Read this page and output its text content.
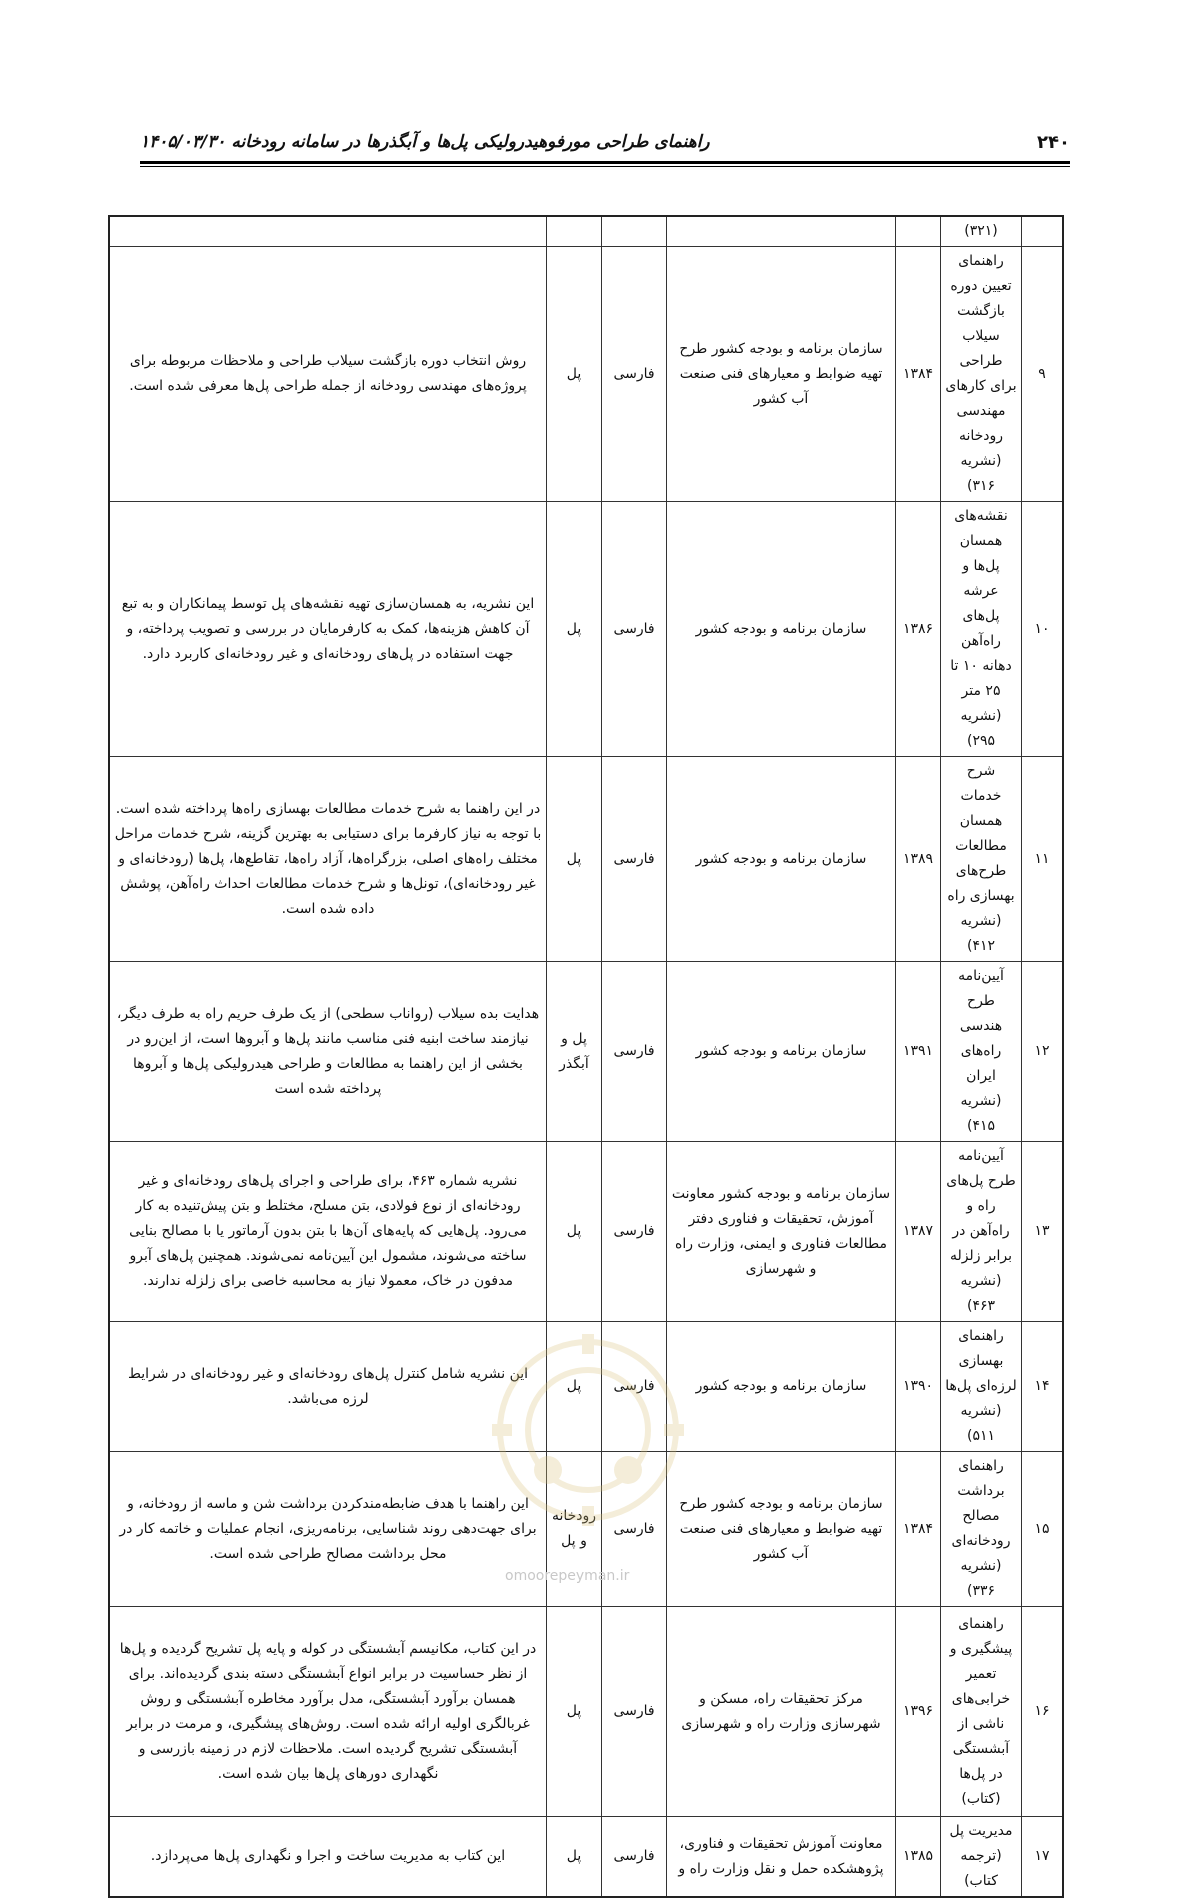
راهنمای طراحی مورفوهیدرولیکی پل‌ها و آبگذرها در سامانه رودخانه ۱۴۰۵/۰۳/۳۰	۲۴۰
	(۳۲۱)					
۹	راهنمای تعیین دوره بازگشت سیلاب طراحی برای کارهای مهندسی رودخانه (نشریه ۳۱۶)	۱۳۸۴	سازمان برنامه و بودجه کشور طرح تهیه ضوابط و معیارهای فنی صنعت آب کشور	فارسی	پل	روش انتخاب دوره بازگشت سیلاب طراحی و ملاحظات مربوطه برای پروژه‌های مهندسی رودخانه از جمله طراحی پل‌ها معرفی شده است.
۱۰	نقشه‌های همسان پل‌ها و عرشه پل‌های راه‌آهن دهانه ۱۰ تا ۲۵ متر (نشریه ۲۹۵)	۱۳۸۶	سازمان برنامه و بودجه کشور	فارسی	پل	این نشریه، به همسان‌سازی تهیه نقشه‌های پل توسط پیمانکاران و به تبع آن کاهش هزینه‌ها، کمک به کارفرمایان در بررسی و تصویب پرداخته، و جهت استفاده در پل‌های رودخانه‌ای و غیر رودخانه‌ای کاربرد دارد.
۱۱	شرح خدمات همسان مطالعات طرح‌های بهسازی راه (نشریه ۴۱۲)	۱۳۸۹	سازمان برنامه و بودجه کشور	فارسی	پل	در این راهنما به شرح خدمات مطالعات بهسازی راه‌ها پرداخته شده است. با توجه به نیاز کارفرما برای دستیابی به بهترین گزینه، شرح خدمات مراحل مختلف راه‌های اصلی، بزرگراه‌ها، آزاد راه‌ها، تقاطع‌ها، پل‌ها (رودخانه‌ای و غیر رودخانه‌ای)، تونل‌ها و شرح خدمات مطالعات احداث راه‌آهن، پوشش داده شده است.
۱۲	آیین‌نامه طرح هندسی راه‌های ایران (نشریه ۴۱۵)	۱۳۹۱	سازمان برنامه و بودجه کشور	فارسی	پل و آبگذر	هدایت بده سیلاب (رواناب سطحی) از یک طرف حریم راه به طرف دیگر، نیازمند ساخت ابنیه فنی مناسب مانند پل‌ها و آبروها است، از این‌رو در بخشی از این راهنما به مطالعات و طراحی هیدرولیکی پل‌ها و آبروها پرداخته شده است
۱۳	آیین‌نامه طرح پل‌های راه و راه‌آهن در برابر زلزله (نشریه ۴۶۳)	۱۳۸۷	سازمان برنامه و بودجه کشور معاونت آموزش، تحقیقات و فناوری دفتر مطالعات فناوری و ایمنی، وزارت راه و شهرسازی	فارسی	پل	نشریه شماره ۴۶۳، برای طراحی و اجرای پل‌های رودخانه‌ای و غیر رودخانه‌ای از نوع فولادی، بتن مسلح، مختلط و بتن پیش‌تنیده به کار می‌رود. پل‌هایی که پایه‌های آن‌ها با بتن بدون آرماتور یا با مصالح بنایی ساخته می‌شوند، مشمول این آیین‌نامه نمی‌شوند. همچنین پل‌های آبرو مدفون در خاک، معمولا نیاز به محاسبه خاصی برای زلزله ندارند.
۱۴	راهنمای بهسازی لرزه‌ای پل‌ها (نشریه ۵۱۱)	۱۳۹۰	سازمان برنامه و بودجه کشور	فارسی	پل	این نشریه شامل کنترل پل‌های رودخانه‌ای و غیر رودخانه‌ای در شرایط لرزه می‌باشد.
۱۵	راهنمای برداشت مصالح رودخانه‌ای (نشریه ۳۳۶)	۱۳۸۴	سازمان برنامه و بودجه کشور طرح تهیه ضوابط و معیارهای فنی صنعت آب کشور	فارسی	رودخانه و پل	این راهنما با هدف ضابطه‌مندکردن برداشت شن و ماسه از رودخانه، و برای جهت‌دهی روند شناسایی، برنامه‌ریزی، انجام عملیات و خاتمه کار در محل برداشت مصالح طراحی شده است.
۱۶	راهنمای پیشگیری و تعمیر خرابی‌های ناشی از آبشستگی در پل‌ها (کتاب)	۱۳۹۶	مرکز تحقیقات راه، مسکن و شهرسازی وزارت راه و شهرسازی	فارسی	پل	در این کتاب، مکانیسم آبشستگی در کوله و پایه پل تشریح گردیده و پل‌ها از نظر حساسیت در برابر انواع آبشستگی دسته بندی گردیده‌اند. برای همسان برآورد آبشستگی، مدل برآورد مخاطره آبشستگی و روش غربالگری اولیه ارائه شده است. روش‌های پیشگیری، و مرمت در برابر آبشستگی تشریح گردیده است. ملاحظات لازم در زمینه بازرسی و نگهداری دورهای پل‌ها بیان شده است.
۱۷	مدیریت پل (ترجمه کتاب)	۱۳۸۵	معاونت آموزش تحقیقات و فناوری، پژوهشکده حمل و نقل وزارت راه و	فارسی	پل	این کتاب به مدیریت ساخت و اجرا و نگهداری پل‌ها می‌پردازد.
omoorepeyman.ir
